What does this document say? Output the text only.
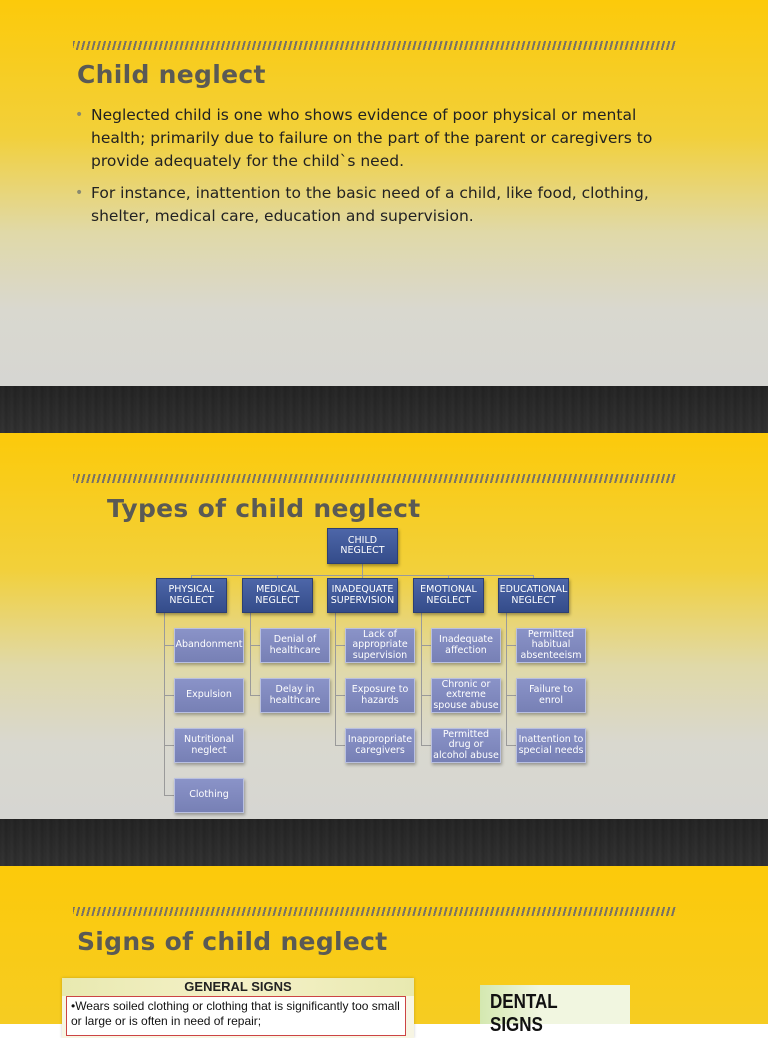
Child neglect
• Neglected child is one who shows evidence of poor physical or mental health; primarily due to failure on the part of the parent or caregivers to provide adequately for the child`s need.
• For instance, inattention to the basic need of a child, like food, clothing, shelter, medical care, education and supervision.
Types of child neglect
CHILD
NEGLECT
PHYSICAL
NEGLECT
MEDICAL
NEGLECT
INADEQUATE
SUPERVISION
EMOTIONAL
NEGLECT
EDUCATIONAL
NEGLECT
Abandonment
Expulsion
Nutritional
neglect
Clothing
Denial of
healthcare
Delay in
healthcare
Lack of
appropriate
supervision
Exposure to
hazards
Inappropriate
caregivers
Inadequate
affection
Chronic or
extreme
spouse abuse
Permitted
drug or
alcohol abuse
Permitted
habitual
absenteeism
Failure to
enrol
Inattention to
special needs
Signs of child neglect
GENERAL SIGNS
•Wears soiled clothing or clothing that is significantly too small or large or is often in need of repair;
DENTAL SIGNS
